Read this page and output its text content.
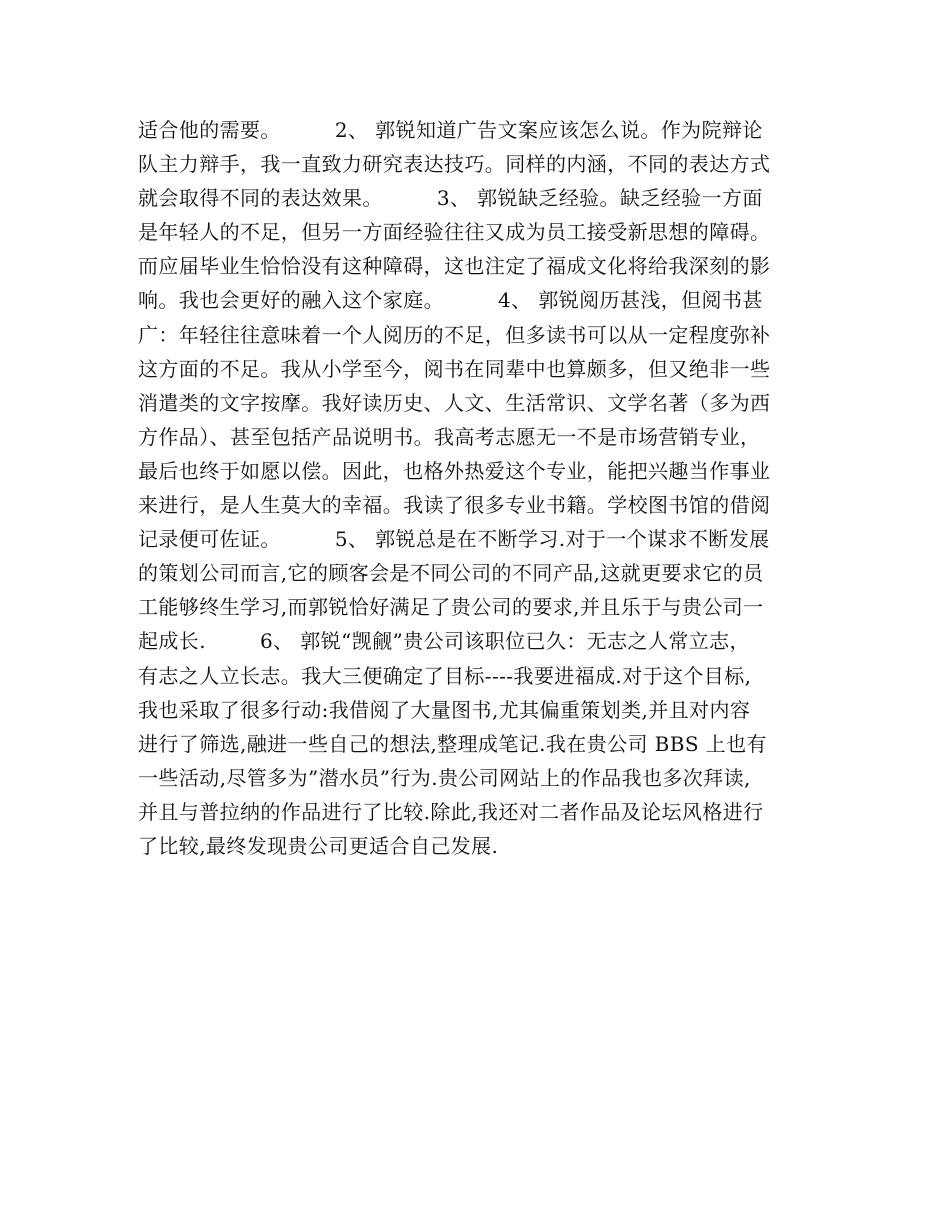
适合他的需要。        2、 郭锐知道广告文案应该怎么说。作为院辩论
队主力辩手，我一直致力研究表达技巧。同样的内涵，不同的表达方式
就会取得不同的表达效果。        3、 郭锐缺乏经验。缺乏经验一方面
是年轻人的不足，但另一方面经验往往又成为员工接受新思想的障碍。
而应届毕业生恰恰没有这种障碍，这也注定了福成文化将给我深刻的影
响。我也会更好的融入这个家庭。        4、 郭锐阅历甚浅，但阅书甚
广：年轻往往意味着一个人阅历的不足，但多读书可以从一定程度弥补
这方面的不足。我从小学至今，阅书在同辈中也算颇多，但又绝非一些
消遣类的文字按摩。我好读历史、人文、生活常识、文学名著（多为西
方作品）、甚至包括产品说明书。我高考志愿无一不是市场营销专业，
最后也终于如愿以偿。因此，也格外热爱这个专业，能把兴趣当作事业
来进行，是人生莫大的幸福。我读了很多专业书籍。学校图书馆的借阅
记录便可佐证。        5、 郭锐总是在不断学习.对于一个谋求不断发展
的策划公司而言,它的顾客会是不同公司的不同产品,这就更要求它的员
工能够终生学习,而郭锐恰好满足了贵公司的要求,并且乐于与贵公司一
起成长.        6、 郭锐“觊觎”贵公司该职位已久：无志之人常立志，
有志之人立长志。我大三便确定了目标----我要进福成.对于这个目标,
我也采取了很多行动:我借阅了大量图书,尤其偏重策划类,并且对内容
进行了筛选,融进一些自己的想法,整理成笔记.我在贵公司 BBS 上也有
一些活动,尽管多为”潜水员”行为.贵公司网站上的作品我也多次拜读,
并且与普拉纳的作品进行了比较.除此,我还对二者作品及论坛风格进行
了比较,最终发现贵公司更适合自己发展.
